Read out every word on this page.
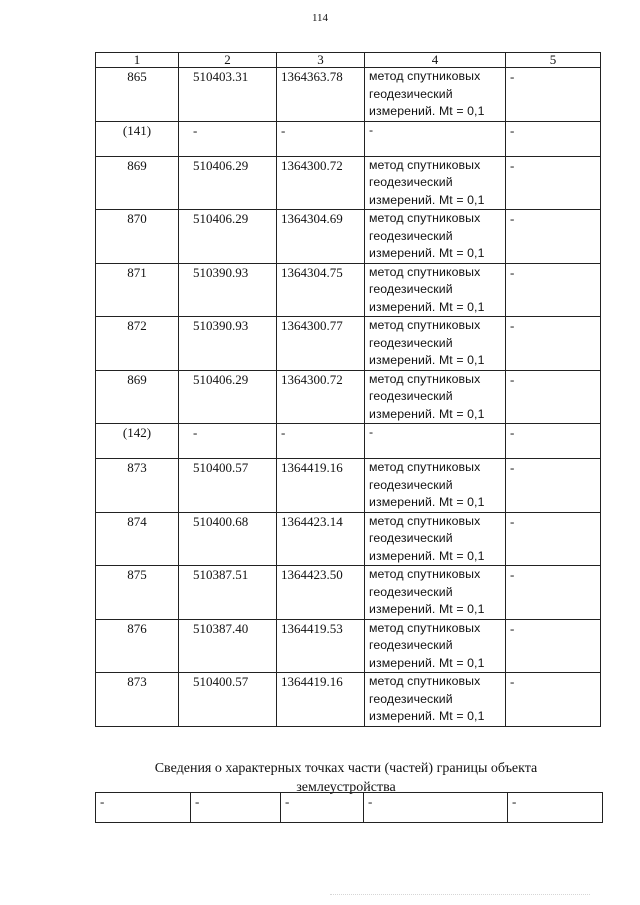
114
1	2	3	4	5
865	510403.31	1364363.78	метод спутниковых
геодезический
измерений. Mt = 0,1	-
(141)	-	-	-	-
869	510406.29	1364300.72	метод спутниковых
геодезический
измерений. Mt = 0,1	-
870	510406.29	1364304.69	метод спутниковых
геодезический
измерений. Mt = 0,1	-
871	510390.93	1364304.75	метод спутниковых
геодезический
измерений. Mt = 0,1	-
872	510390.93	1364300.77	метод спутниковых
геодезический
измерений. Mt = 0,1	-
869	510406.29	1364300.72	метод спутниковых
геодезический
измерений. Mt = 0,1	-
(142)	-	-	-	-
873	510400.57	1364419.16	метод спутниковых
геодезический
измерений. Mt = 0,1	-
874	510400.68	1364423.14	метод спутниковых
геодезический
измерений. Mt = 0,1	-
875	510387.51	1364423.50	метод спутниковых
геодезический
измерений. Mt = 0,1	-
876	510387.40	1364419.53	метод спутниковых
геодезический
измерений. Mt = 0,1	-
873	510400.57	1364419.16	метод спутниковых
геодезический
измерений. Mt = 0,1	-
Сведения о характерных точках части (частей) границы объекта
землеустройства
-	-	-	-	-
